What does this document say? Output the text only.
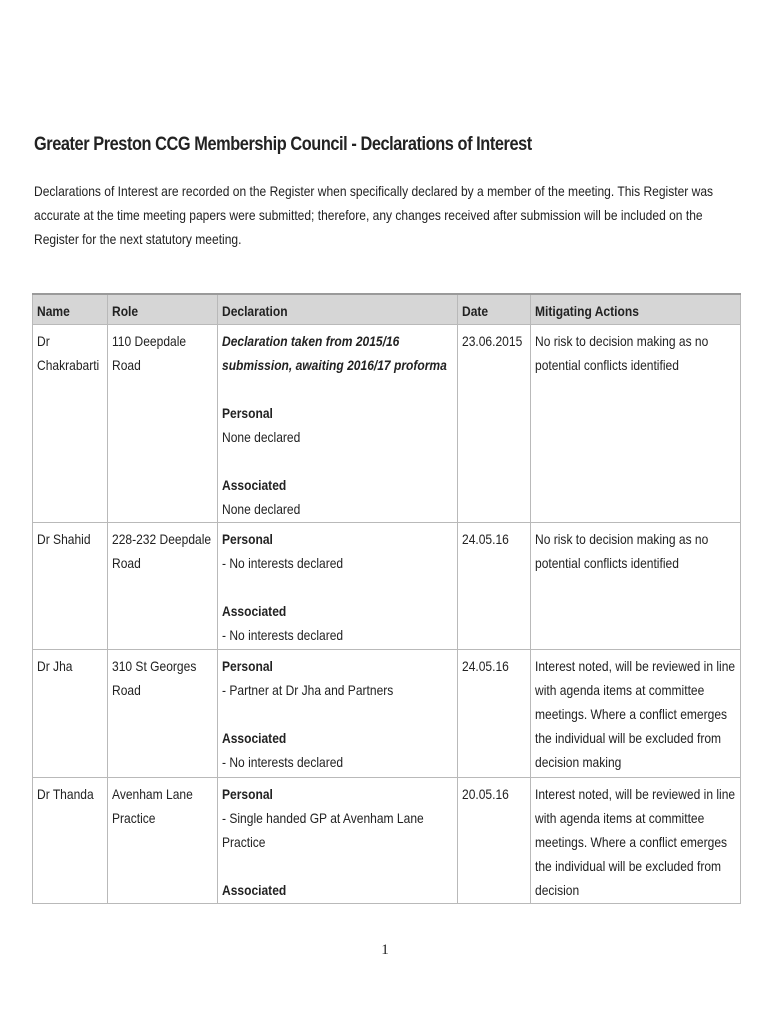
Greater Preston CCG Membership Council - Declarations of Interest
Declarations of Interest are recorded on the Register when specifically declared by a member of the meeting. This Register was accurate at the time meeting papers were submitted; therefore, any changes received after submission will be included on the Register for the next statutory meeting.
Name	Role	Declaration	Date	Mitigating Actions

Dr Chakrabarti	110 Deepdale Road	Declaration taken from 2015/16 submission, awaiting 2016/17 proforma
Personal
None declared
Associated
None declared	23.06.2015	No risk to decision making as no potential conflicts identified

Dr Shahid	228-232 Deepdale Road	Personal
- No interests declared
Associated
- No interests declared	24.05.16	No risk to decision making as no potential conflicts identified

Dr Jha	310 St Georges Road	Personal
- Partner at Dr Jha and Partners
Associated
- No interests declared	24.05.16	Interest noted, will be reviewed in line with agenda items at committee meetings. Where a conflict emerges the individual will be excluded from decision making

Dr Thanda	Avenham Lane Practice	Personal
- Single handed GP at Avenham Lane Practice
Associated	20.05.16	Interest noted, will be reviewed in line with agenda items at committee meetings. Where a conflict emerges the individual will be excluded from decision
1
